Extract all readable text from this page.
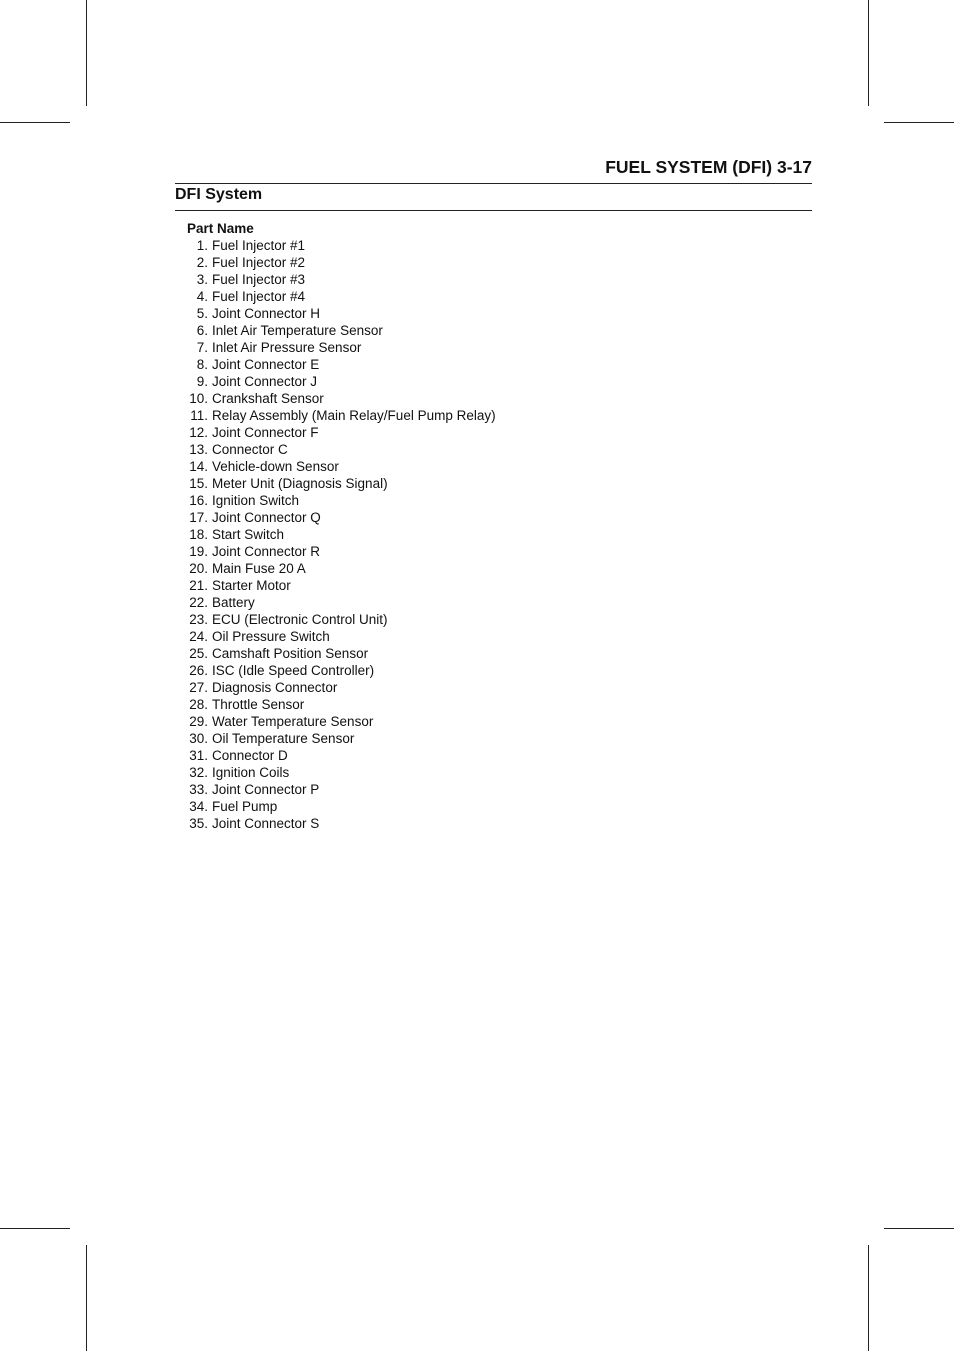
FUEL SYSTEM (DFI) 3-17
DFI System
Part Name
1. Fuel Injector #1
2. Fuel Injector #2
3. Fuel Injector #3
4. Fuel Injector #4
5. Joint Connector H
6. Inlet Air Temperature Sensor
7. Inlet Air Pressure Sensor
8. Joint Connector E
9. Joint Connector J
10. Crankshaft Sensor
11. Relay Assembly (Main Relay/Fuel Pump Relay)
12. Joint Connector F
13. Connector C
14. Vehicle-down Sensor
15. Meter Unit (Diagnosis Signal)
16. Ignition Switch
17. Joint Connector Q
18. Start Switch
19. Joint Connector R
20. Main Fuse 20 A
21. Starter Motor
22. Battery
23. ECU (Electronic Control Unit)
24. Oil Pressure Switch
25. Camshaft Position Sensor
26. ISC (Idle Speed Controller)
27. Diagnosis Connector
28. Throttle Sensor
29. Water Temperature Sensor
30. Oil Temperature Sensor
31. Connector D
32. Ignition Coils
33. Joint Connector P
34. Fuel Pump
35. Joint Connector S
